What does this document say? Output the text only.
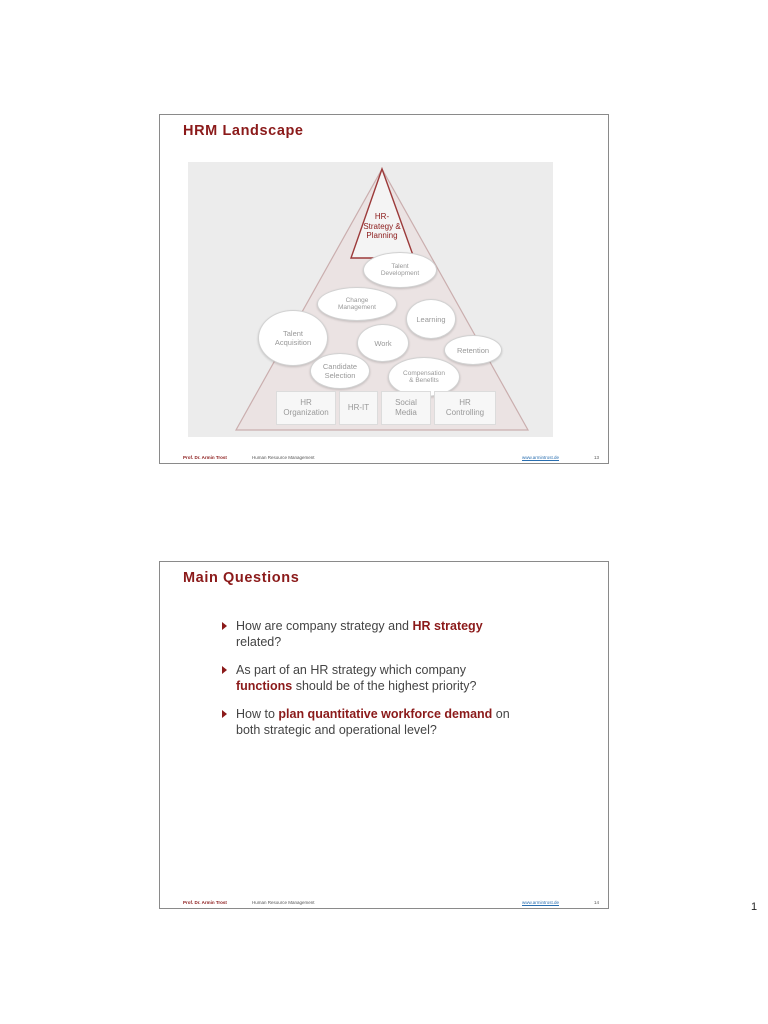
HRM Landscape
HR-
Strategy &
Planning
Talent
Development
Change
Management
Learning
Talent
Acquisition	Work
Retention
Candidate
Selection	Compensation
& Benefits
HR
Organization
HR-IT
Social
Media
HR
Controlling
Prof. Dr. Armin Trost	Human Resource Management	www.armintrost.de	13
Main Questions
How are company strategy and HR strategy
related?
As part of an HR strategy which company
functions should be of the highest priority?
How to plan quantitative workforce demand on
both strategic and operational level?
Prof. Dr. Armin Trost	Human Resource Management	www.armintrost.de	14	1
